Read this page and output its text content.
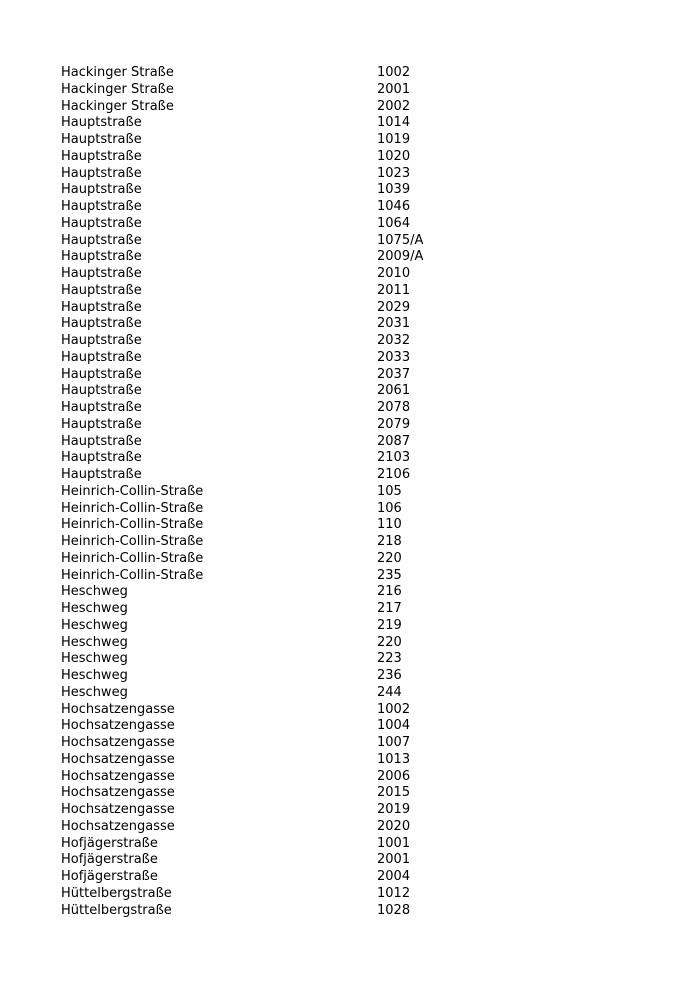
Hackinger Straße	1002
Hackinger Straße	2001
Hackinger Straße	2002
Hauptstraße	1014
Hauptstraße	1019
Hauptstraße	1020
Hauptstraße	1023
Hauptstraße	1039
Hauptstraße	1046
Hauptstraße	1064
Hauptstraße	1075/A
Hauptstraße	2009/A
Hauptstraße	2010
Hauptstraße	2011
Hauptstraße	2029
Hauptstraße	2031
Hauptstraße	2032
Hauptstraße	2033
Hauptstraße	2037
Hauptstraße	2061
Hauptstraße	2078
Hauptstraße	2079
Hauptstraße	2087
Hauptstraße	2103
Hauptstraße	2106
Heinrich-Collin-Straße	105
Heinrich-Collin-Straße	106
Heinrich-Collin-Straße	110
Heinrich-Collin-Straße	218
Heinrich-Collin-Straße	220
Heinrich-Collin-Straße	235
Heschweg	216
Heschweg	217
Heschweg	219
Heschweg	220
Heschweg	223
Heschweg	236
Heschweg	244
Hochsatzengasse	1002
Hochsatzengasse	1004
Hochsatzengasse	1007
Hochsatzengasse	1013
Hochsatzengasse	2006
Hochsatzengasse	2015
Hochsatzengasse	2019
Hochsatzengasse	2020
Hofjägerstraße	1001
Hofjägerstraße	2001
Hofjägerstraße	2004
Hüttelbergstraße	1012
Hüttelbergstraße	1028
